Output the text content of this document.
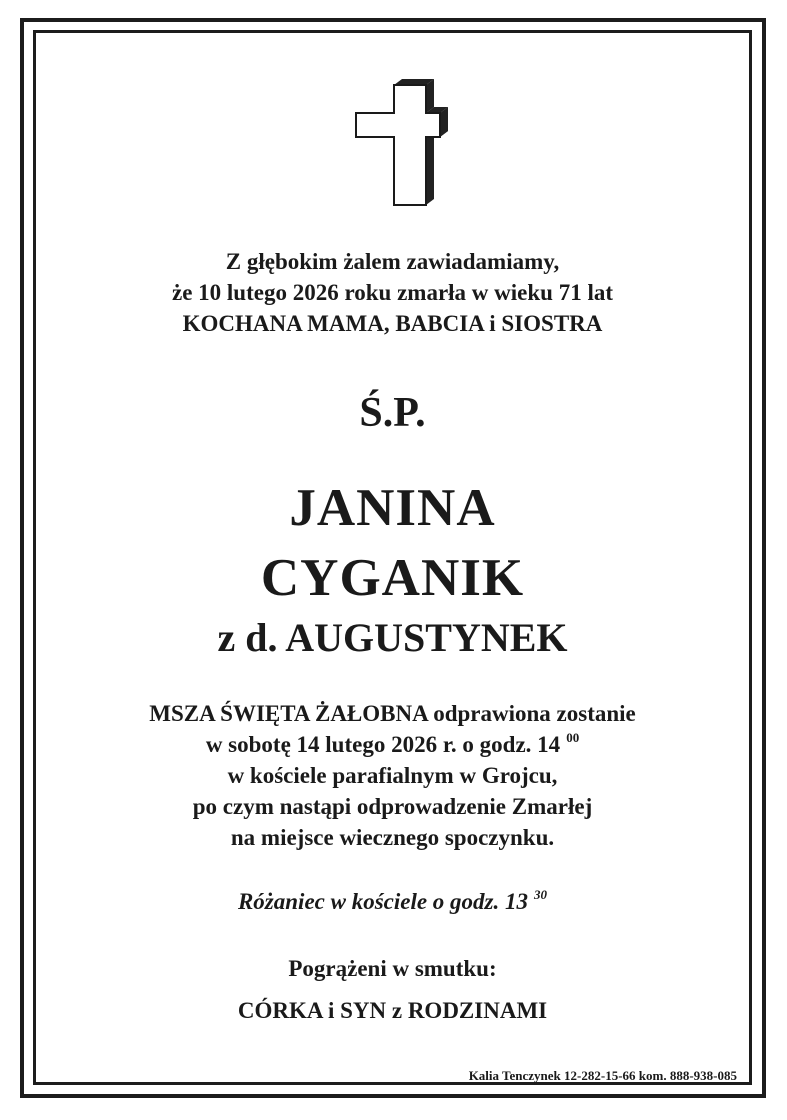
Z głębokim żalem zawiadamiamy,
że 10 lutego 2026 roku zmarła w wieku 71 lat
KOCHANA MAMA, BABCIA i SIOSTRA
Ś.P.
JANINA
CYGANIK
z d. AUGUSTYNEK
MSZA ŚWIĘTA ŻAŁOBNA odprawiona zostanie
w sobotę 14 lutego 2026 r. o godz. 14 $^{00}$
w kościele parafialnym w Grojcu,
po czym nastąpi odprowadzenie Zmarłej
na miejsce wiecznego spoczynku.
Różaniec w kościele o godz. 13 $^{30}$
Pogrążeni w smutku:
CÓRKA i SYN z RODZINAMI
Kalia Tenczynek 12-282-15-66 kom. 888-938-085
